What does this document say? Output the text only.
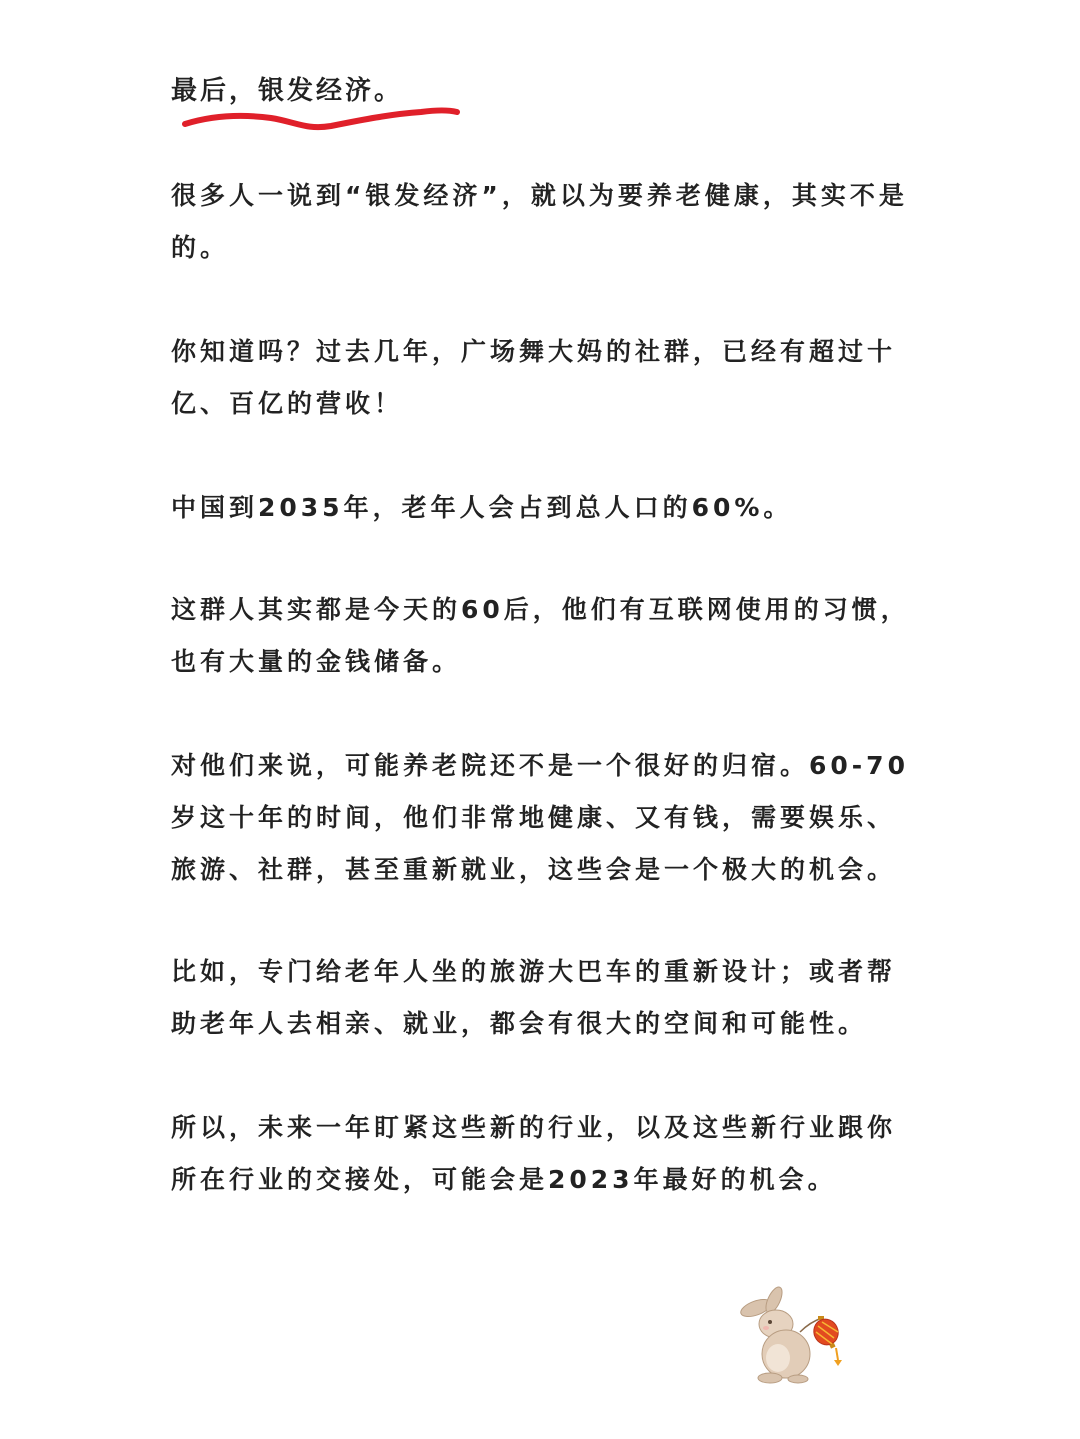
最后，银发经济。

很多人一说到“银发经济”，就以为要养老健康，其实不是的。

你知道吗？过去几年，广场舞大妈的社群，已经有超过十亿、百亿的营收！

中国到2035年，老年人会占到总人口的60%。

这群人其实都是今天的60后，他们有互联网使用的习惯，也有大量的金钱储备。

对他们来说，可能养老院还不是一个很好的归宿。60-70岁这十年的时间，他们非常地健康、又有钱，需要娱乐、旅游、社群，甚至重新就业，这些会是一个极大的机会。

比如，专门给老年人坐的旅游大巴车的重新设计；或者帮助老年人去相亲、就业，都会有很大的空间和可能性。

所以，未来一年盯紧这些新的行业，以及这些新行业跟你所在行业的交接处，可能会是2023年最好的机会。
